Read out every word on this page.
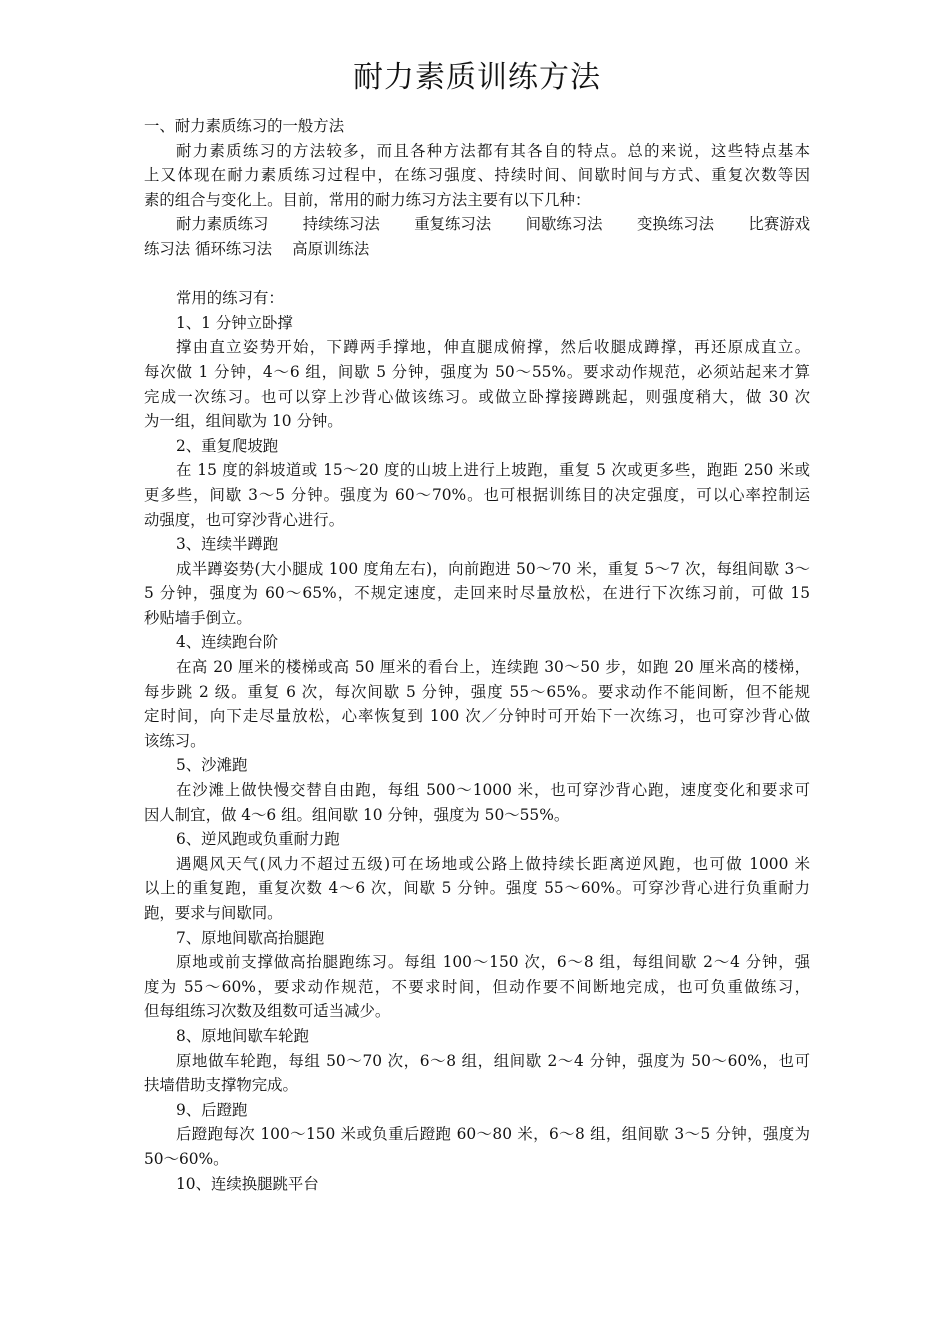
耐力素质训练方法
一、耐力素质练习的一般方法
耐力素质练习的方法较多，而且各种方法都有其各自的特点。总的来说，这些特点基本
上又体现在耐力素质练习过程中，在练习强度、持续时间、间歇时间与方式、重复次数等因
素的组合与变化上。目前，常用的耐力练习方法主要有以下几种：
耐力素质练习 持续练习法 重复练习法 间歇练习法 变换练习法 比赛游戏
练习法 循环练习法　 高原训练法
常用的练习有：
1、1 分钟立卧撑
撑由直立姿势开始，下蹲两手撑地，伸直腿成俯撑，然后收腿成蹲撑，再还原成直立。
每次做 1 分钟，4～6 组，间歇 5 分钟，强度为 50～55%。要求动作规范，必须站起来才算
完成一次练习。也可以穿上沙背心做该练习。或做立卧撑接蹲跳起，则强度稍大，做 30 次
为一组，组间歇为 10 分钟。
2、重复爬坡跑
在 15 度的斜坡道或 15～20 度的山坡上进行上坡跑，重复 5 次或更多些，跑距 250 米或
更多些，间歇 3～5 分钟。强度为 60～70%。也可根据训练目的决定强度，可以心率控制运
动强度，也可穿沙背心进行。
3、连续半蹲跑
成半蹲姿势(大小腿成 100 度角左右)，向前跑进 50～70 米，重复 5～7 次，每组间歇 3～
5 分钟，强度为 60～65%，不规定速度，走回来时尽量放松，在进行下次练习前，可做 15
秒贴墙手倒立。
4、连续跑台阶
在高 20 厘米的楼梯或高 50 厘米的看台上，连续跑 30～50 步，如跑 20 厘米高的楼梯，
每步跳 2 级。重复 6 次，每次间歇 5 分钟，强度 55～65%。要求动作不能间断，但不能规
定时间，向下走尽量放松，心率恢复到 100 次／分钟时可开始下一次练习，也可穿沙背心做
该练习。
5、沙滩跑
在沙滩上做快慢交替自由跑，每组 500～1000 米，也可穿沙背心跑，速度变化和要求可
因人制宜，做 4～6 组。组间歇 10 分钟，强度为 50～55%。
6、逆风跑或负重耐力跑
遇飓风天气(风力不超过五级)可在场地或公路上做持续长距离逆风跑，也可做 1000 米
以上的重复跑，重复次数 4～6 次，间歇 5 分钟。强度 55～60%。可穿沙背心进行负重耐力
跑，要求与间歇同。
7、原地间歇高抬腿跑
原地或前支撑做高抬腿跑练习。每组 100～150 次，6～8 组，每组间歇 2～4 分钟，强
度为 55～60%，要求动作规范，不要求时间，但动作要不间断地完成，也可负重做练习，
但每组练习次数及组数可适当减少。
8、原地间歇车轮跑
原地做车轮跑，每组 50～70 次，6～8 组，组间歇 2～4 分钟，强度为 50～60%，也可
扶墙借助支撑物完成。
9、后蹬跑
后蹬跑每次 100～150 米或负重后蹬跑 60～80 米，6～8 组，组间歇 3～5 分钟，强度为
50～60%。
10、连续换腿跳平台
